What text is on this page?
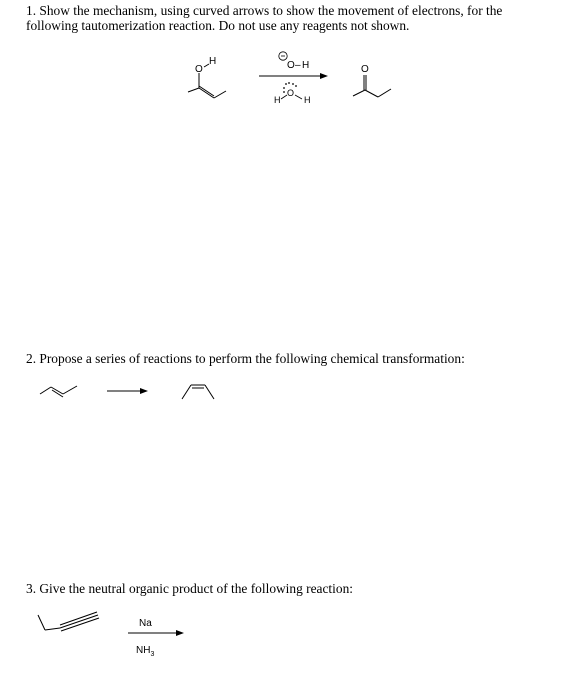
1. Show the mechanism, using curved arrows to show the movement of electrons, for the
following tautomerization reaction. Do not use any reagents not shown.
O
H	O – H
H
O
H
O
2. Propose a series of reactions to perform the following chemical transformation:
3. Give the neutral organic product of the following reaction:
Na
$NH_3$
